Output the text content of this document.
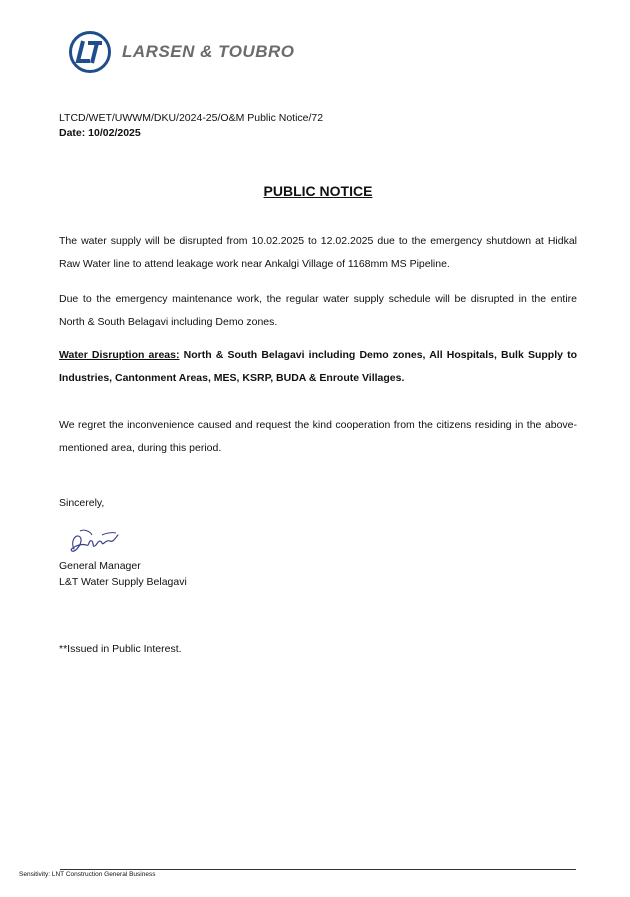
LARSEN & TOUBRO
LTCD/WET/UWWM/DKU/2024-25/O&M Public Notice/72
Date: 10/02/2025
PUBLIC NOTICE

The water supply will be disrupted from 10.02.2025 to 12.02.2025 due to the emergency shutdown at Hidkal Raw Water line to attend leakage work near Ankalgi Village of 1168mm MS Pipeline.

Due to the emergency maintenance work, the regular water supply schedule will be disrupted in the entire North & South Belagavi including Demo zones.

Water Disruption areas: North & South Belagavi including Demo zones, All Hospitals, Bulk Supply to Industries, Cantonment Areas, MES, KSRP, BUDA & Enroute Villages.

We regret the inconvenience caused and request the kind cooperation from the citizens residing in the above-mentioned area, during this period.

Sincerely,
General Manager
L&T Water Supply Belagavi
**Issued in Public Interest.
Sensitivity: LNT Construction General Business
